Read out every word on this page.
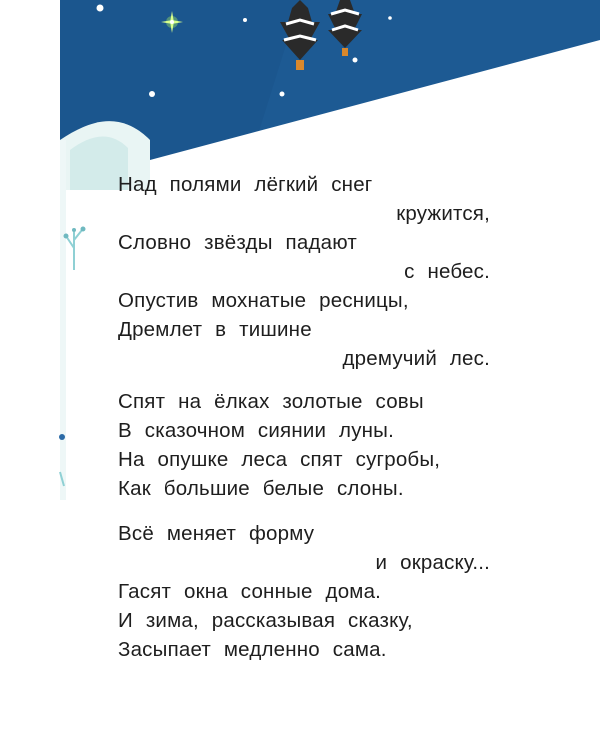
Над полями лёгкий снег
кружится,
Словно звёзды падают
с небес.
Опустив мохнатые ресницы,
Дремлет в тишине
дремучий лес.
Спят на ёлках золотые совы
В сказочном сиянии луны.
На опушке леса спят сугробы,
Как большие белые слоны.
Всё меняет форму
и окраску...
Гасят окна сонные дома.
И зима, рассказывая сказку,
Засыпает медленно сама.
